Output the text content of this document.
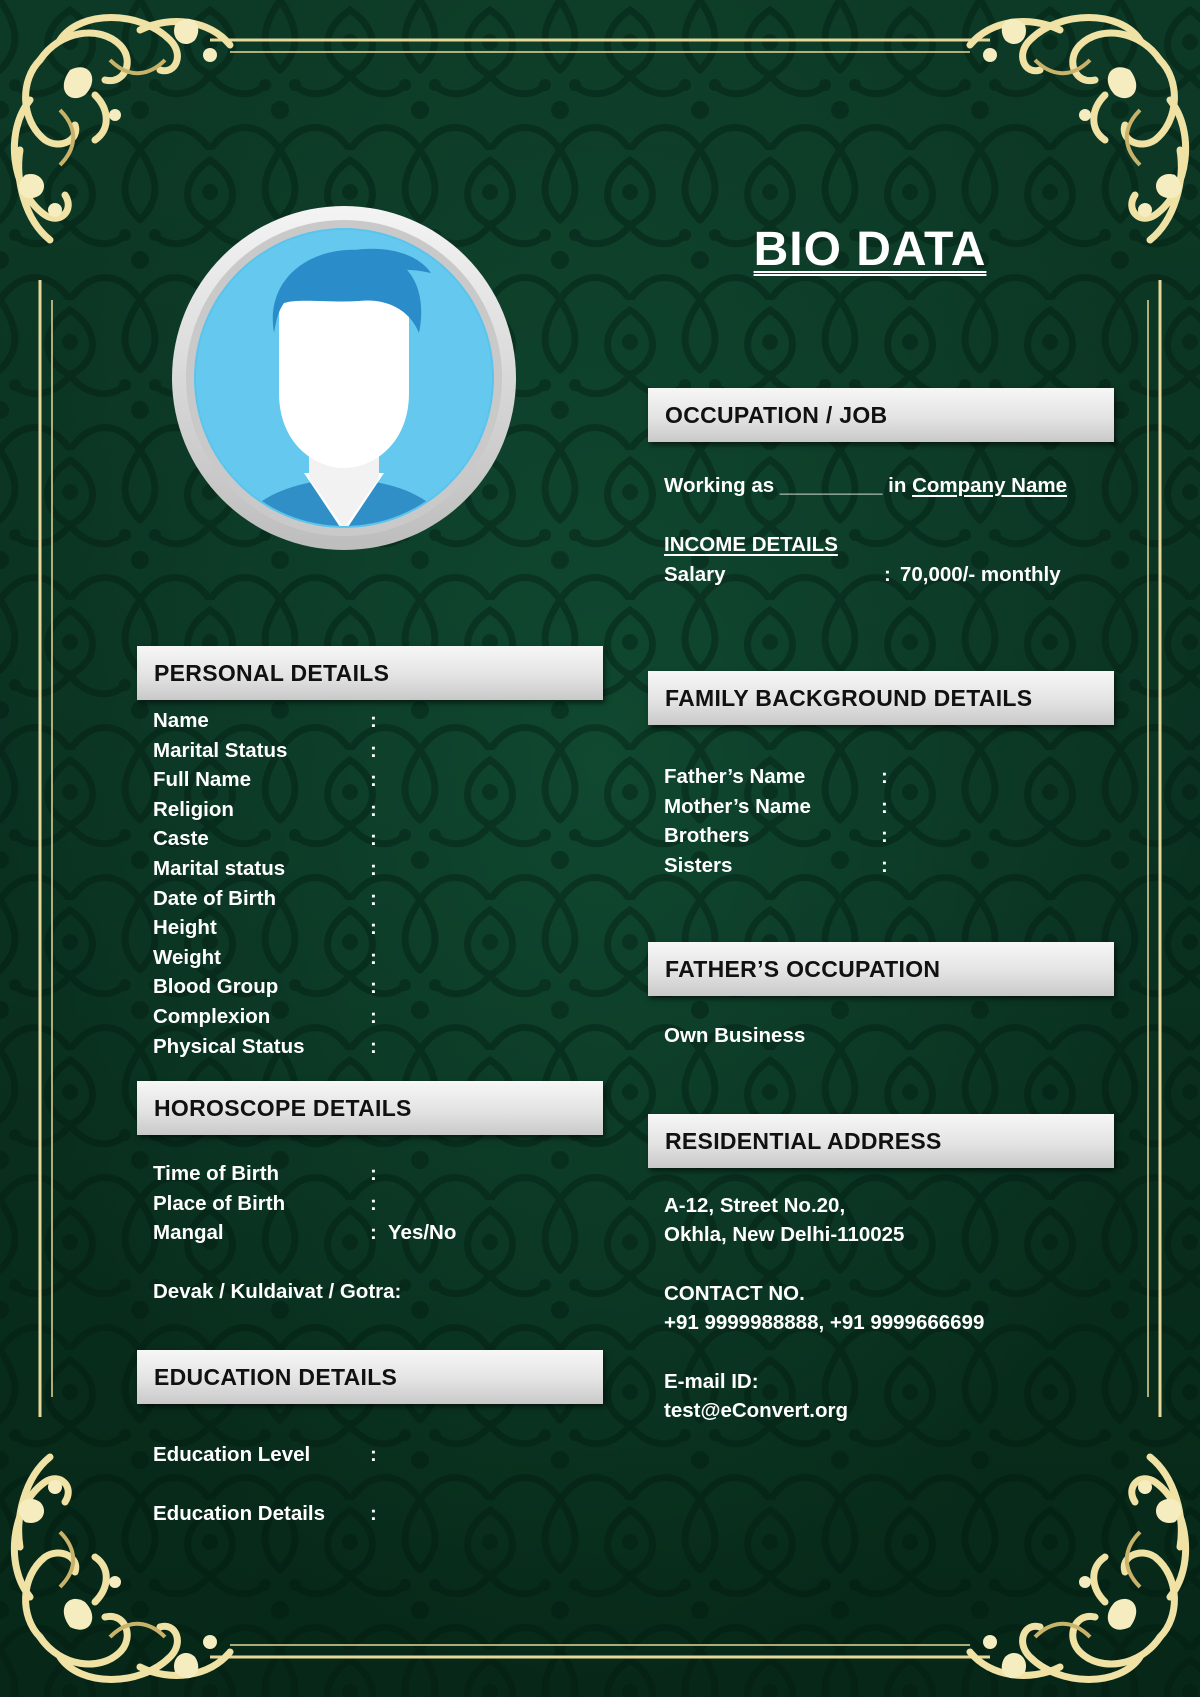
BIO DATA
OCCUPATION / JOB
Working as _________ in Company Name
INCOME DETAILS
Salary	: 70,000/- monthly
PERSONAL DETAILS
Name	:
Marital Status	:
Full Name	:
Religion	:
Caste	:
Marital status	:
Date of Birth	:
Height	:
Weight	:
Blood Group	:
Complexion	:
Physical Status	:
HOROSCOPE DETAILS
Time of Birth	:
Place of Birth	:
Mangal	: Yes/No
Devak / Kuldaivat / Gotra:
EDUCATION DETAILS
Education Level	:
Education Details :
FAMILY BACKGROUND DETAILS
Father’s Name	:
Mother’s Name	:
Brothers	:
Sisters	:
FATHER’S OCCUPATION
Own Business
RESIDENTIAL ADDRESS
A-12, Street No.20,
Okhla, New Delhi-110025
CONTACT NO.
+91 9999988888, +91 9999666699
E-mail ID:
test@eConvert.org
